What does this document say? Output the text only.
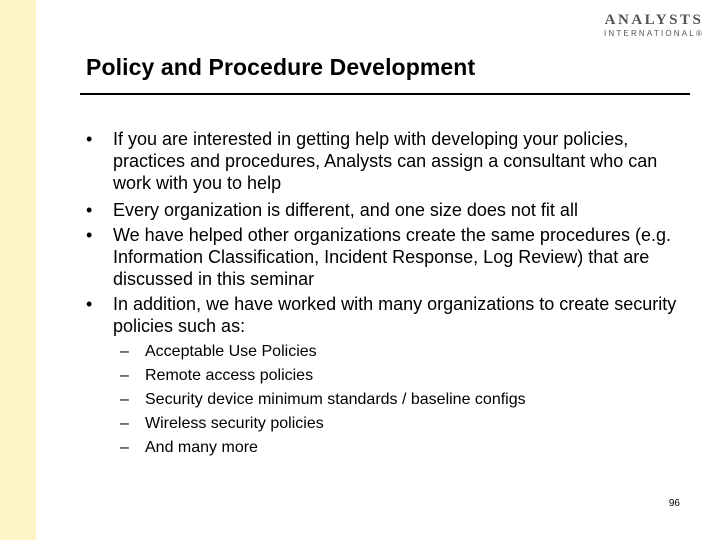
ANALYSTS
INTERNATIONAL®
Policy and Procedure Development
• If you are interested in getting help with developing your policies, practices and procedures, Analysts can assign a consultant who can work with you to help
• Every organization is different, and one size does not fit all
• We have helped other organizations create the same procedures (e.g. Information Classification, Incident Response, Log Review) that are discussed in this seminar
• In addition, we have worked with many organizations to create security policies such as:
– Acceptable Use Policies
– Remote access policies
– Security device minimum standards / baseline configs
– Wireless security policies
– And many more
96
